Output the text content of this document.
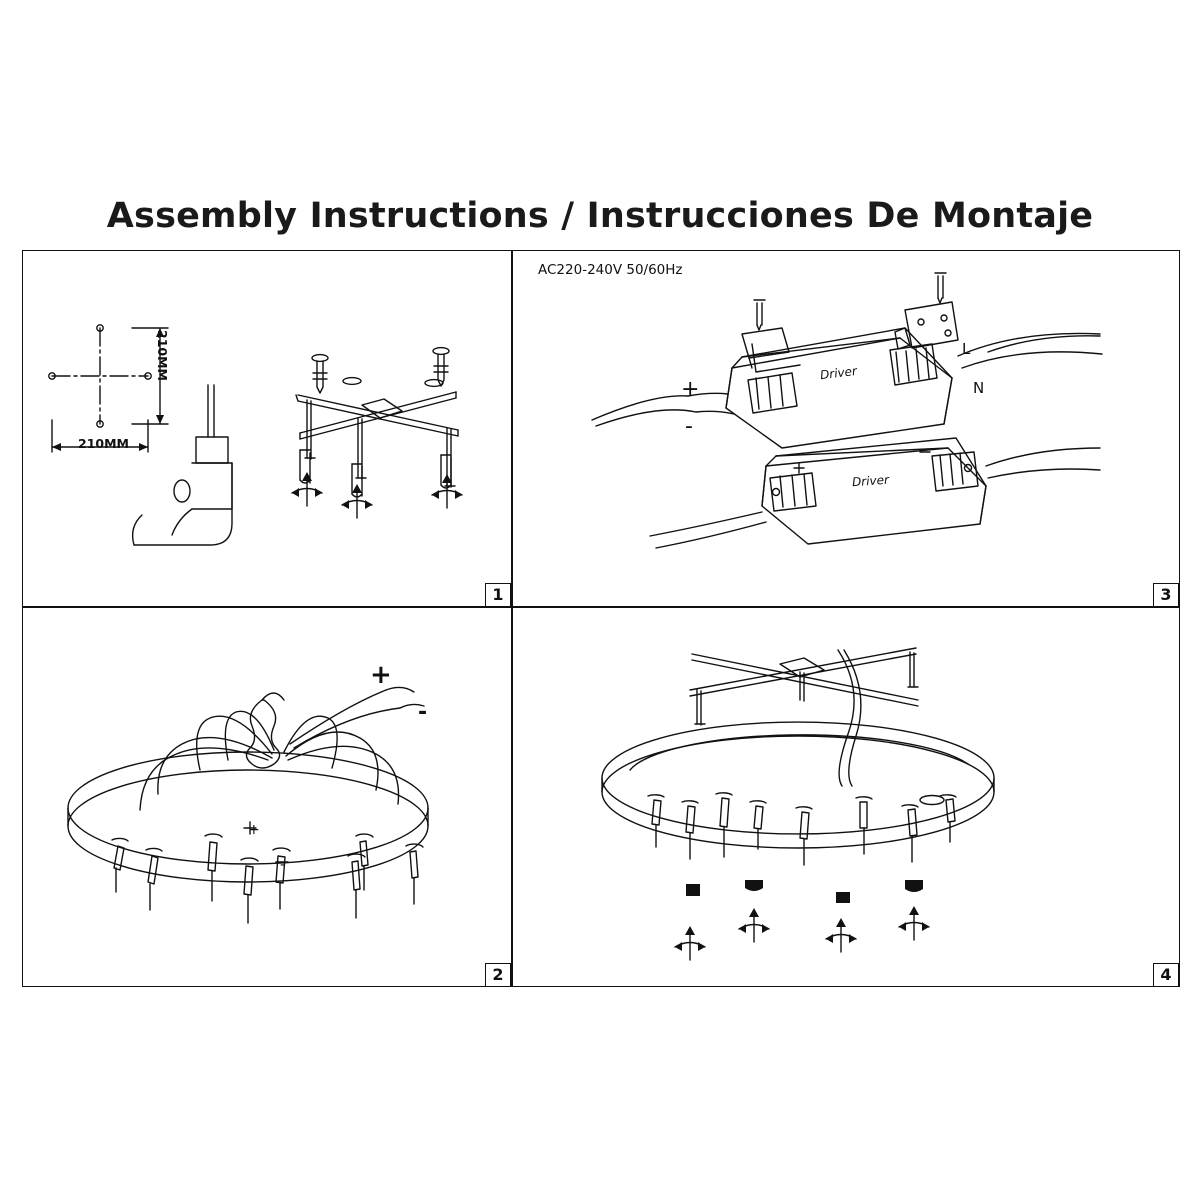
Assembly Instructions / Instrucciones De Montaje
1
2
3
4
AC220-240V 50/60Hz
210MM
210MM
+
-
L
N
Driver
Driver
+
-
+
-
